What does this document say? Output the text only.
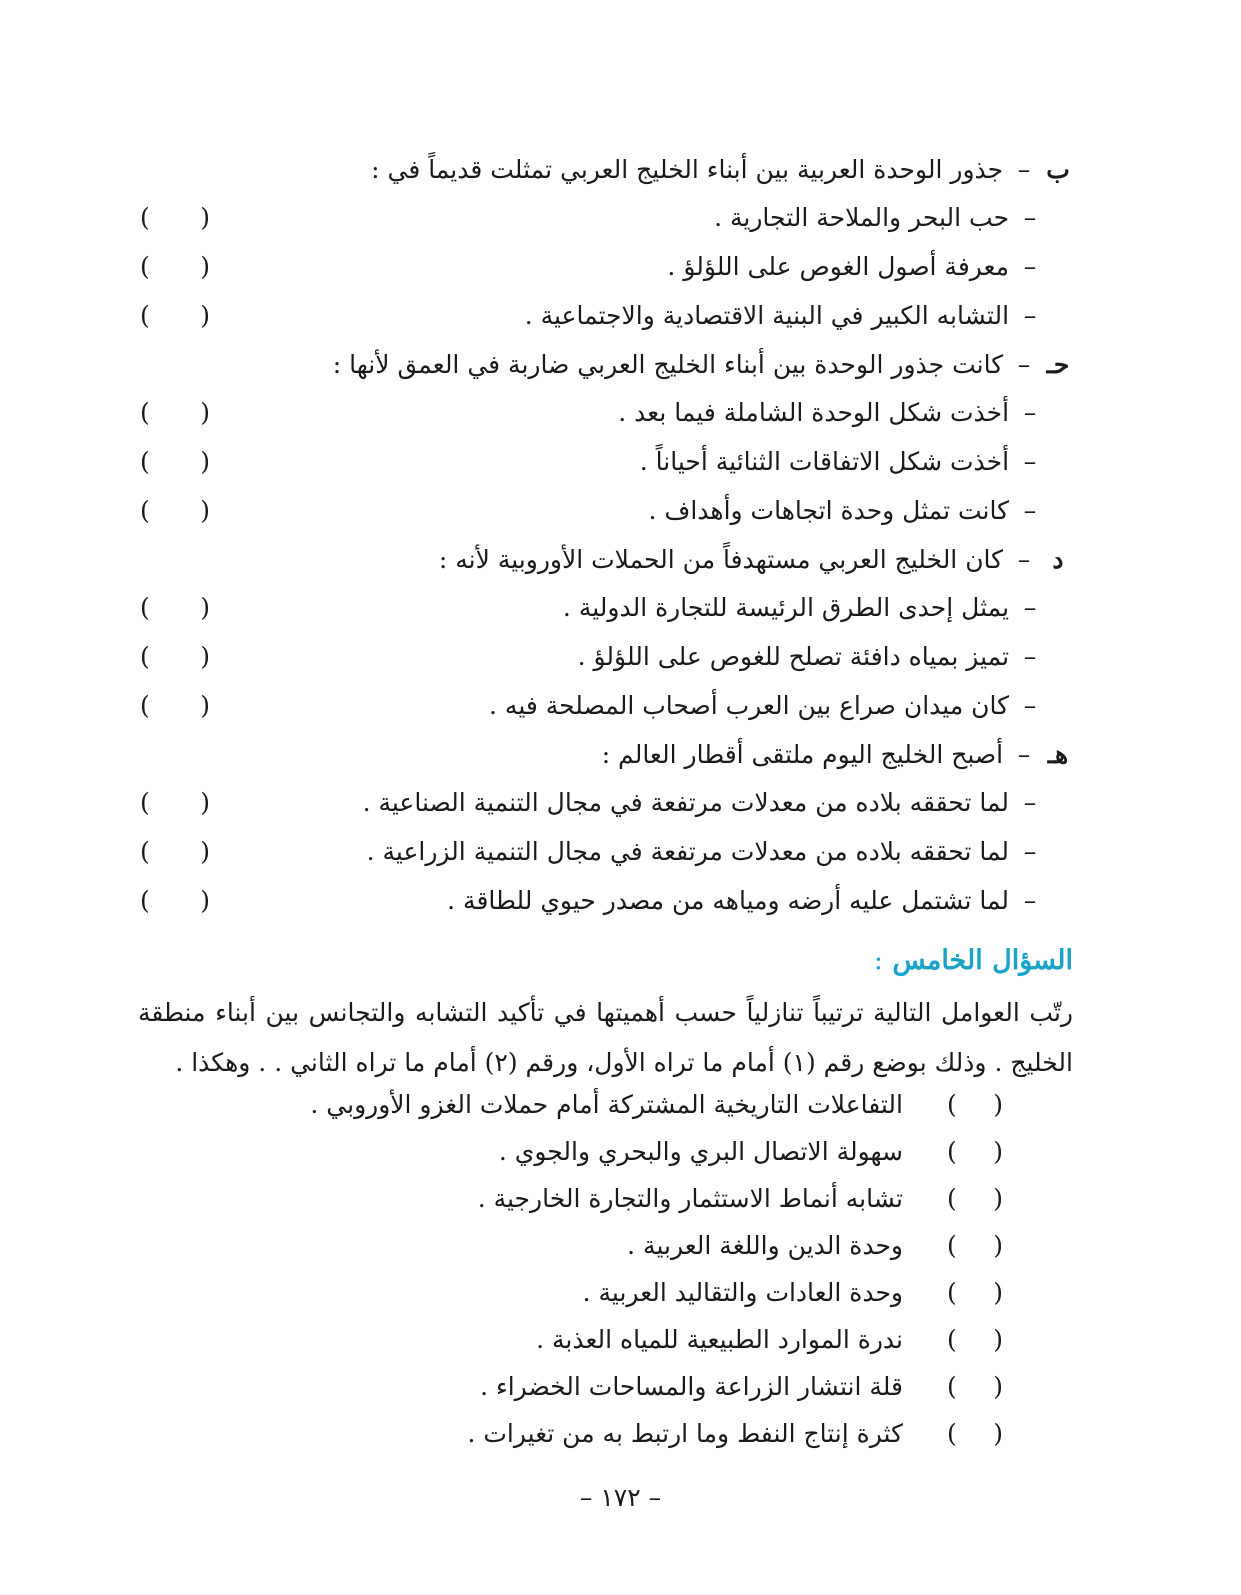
ب – جذور الوحدة العربية بين أبناء الخليج العربي تمثلت قديماً في :
– حب البحر والملاحة التجارية .
( )
– معرفة أصول الغوص على اللؤلؤ .
( )
– التشابه الكبير في البنية الاقتصادية والاجتماعية .
( )
حـ – كانت جذور الوحدة بين أبناء الخليج العربي ضاربة في العمق لأنها :
– أخذت شكل الوحدة الشاملة فيما بعد .
( )
– أخذت شكل الاتفاقات الثنائية أحياناً .
( )
– كانت تمثل وحدة اتجاهات وأهداف .
( )
د – كان الخليج العربي مستهدفاً من الحملات الأوروبية لأنه :
– يمثل إحدى الطرق الرئيسة للتجارة الدولية .
( )
– تميز بمياه دافئة تصلح للغوص على اللؤلؤ .
( )
– كان ميدان صراع بين العرب أصحاب المصلحة فيه .
( )
هـ – أصبح الخليج اليوم ملتقى أقطار العالم :
– لما تحققه بلاده من معدلات مرتفعة في مجال التنمية الصناعية .
( )
– لما تحققه بلاده من معدلات مرتفعة في مجال التنمية الزراعية .
( )
– لما تشتمل عليه أرضه ومياهه من مصدر حيوي للطاقة .
( )
السؤال الخامس :
رتّب العوامل التالية ترتيباً تنازلياً حسب أهميتها في تأكيد التشابه والتجانس بين أبناء منطقة الخليج . وذلك بوضع رقم (١) أمام ما تراه الأول، ورقم (٢) أمام ما تراه الثاني . . وهكذا .
( )
التفاعلات التاريخية المشتركة أمام حملات الغزو الأوروبي .
( )
سهولة الاتصال البري والبحري والجوي .
( )
تشابه أنماط الاستثمار والتجارة الخارجية .
( )
وحدة الدين واللغة العربية .
( )
وحدة العادات والتقاليد العربية .
( )
ندرة الموارد الطبيعية للمياه العذبة .
( )
قلة انتشار الزراعة والمساحات الخضراء .
( )
كثرة إنتاج النفط وما ارتبط به من تغيرات .
– ١٧٢ –
